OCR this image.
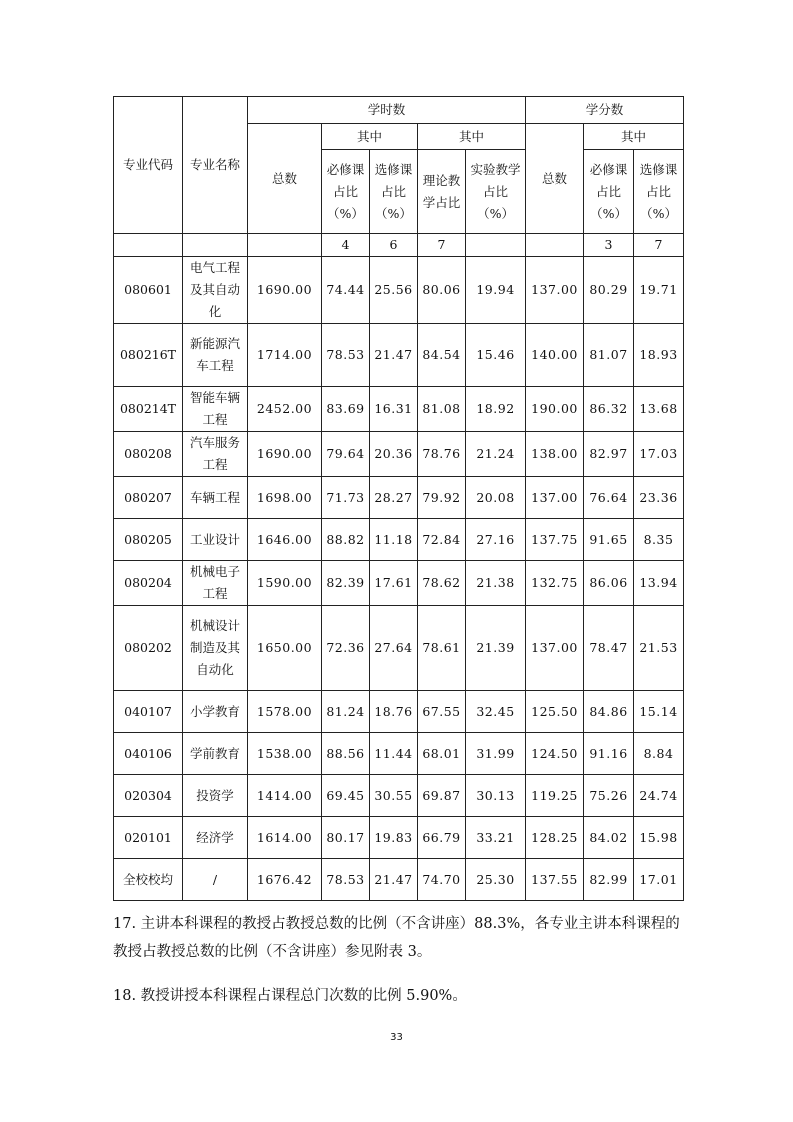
专业代码	专业名称	学时数					学分数		
		总数	其中		其中		总数	其中	
			必修课占比（%）	选修课占比（%）	理论教学占比	实验教学占比（%）		必修课占比（%）	选修课占比（%）
			4	6	7			3	7
080601	电气工程及其自动化	1690.00	74.44	25.56	80.06	19.94	137.00	80.29	19.71
080216T	新能源汽车工程	1714.00	78.53	21.47	84.54	15.46	140.00	81.07	18.93
080214T	智能车辆工程	2452.00	83.69	16.31	81.08	18.92	190.00	86.32	13.68
080208	汽车服务工程	1690.00	79.64	20.36	78.76	21.24	138.00	82.97	17.03
080207	车辆工程	1698.00	71.73	28.27	79.92	20.08	137.00	76.64	23.36
080205	工业设计	1646.00	88.82	11.18	72.84	27.16	137.75	91.65	8.35
080204	机械电子工程	1590.00	82.39	17.61	78.62	21.38	132.75	86.06	13.94
080202	机械设计制造及其自动化	1650.00	72.36	27.64	78.61	21.39	137.00	78.47	21.53
040107	小学教育	1578.00	81.24	18.76	67.55	32.45	125.50	84.86	15.14
040106	学前教育	1538.00	88.56	11.44	68.01	31.99	124.50	91.16	8.84
020304	投资学	1414.00	69.45	30.55	69.87	30.13	119.25	75.26	24.74
020101	经济学	1614.00	80.17	19.83	66.79	33.21	128.25	84.02	15.98
全校校均	/	1676.42	78.53	21.47	74.70	25.30	137.55	82.99	17.01

17. 主讲本科课程的教授占教授总数的比例（不含讲座）88.3%，各专业主讲本科课程的教授占教授总数的比例（不含讲座）参见附表 3。

18. 教授讲授本科课程占课程总门次数的比例 5.90%。

33
